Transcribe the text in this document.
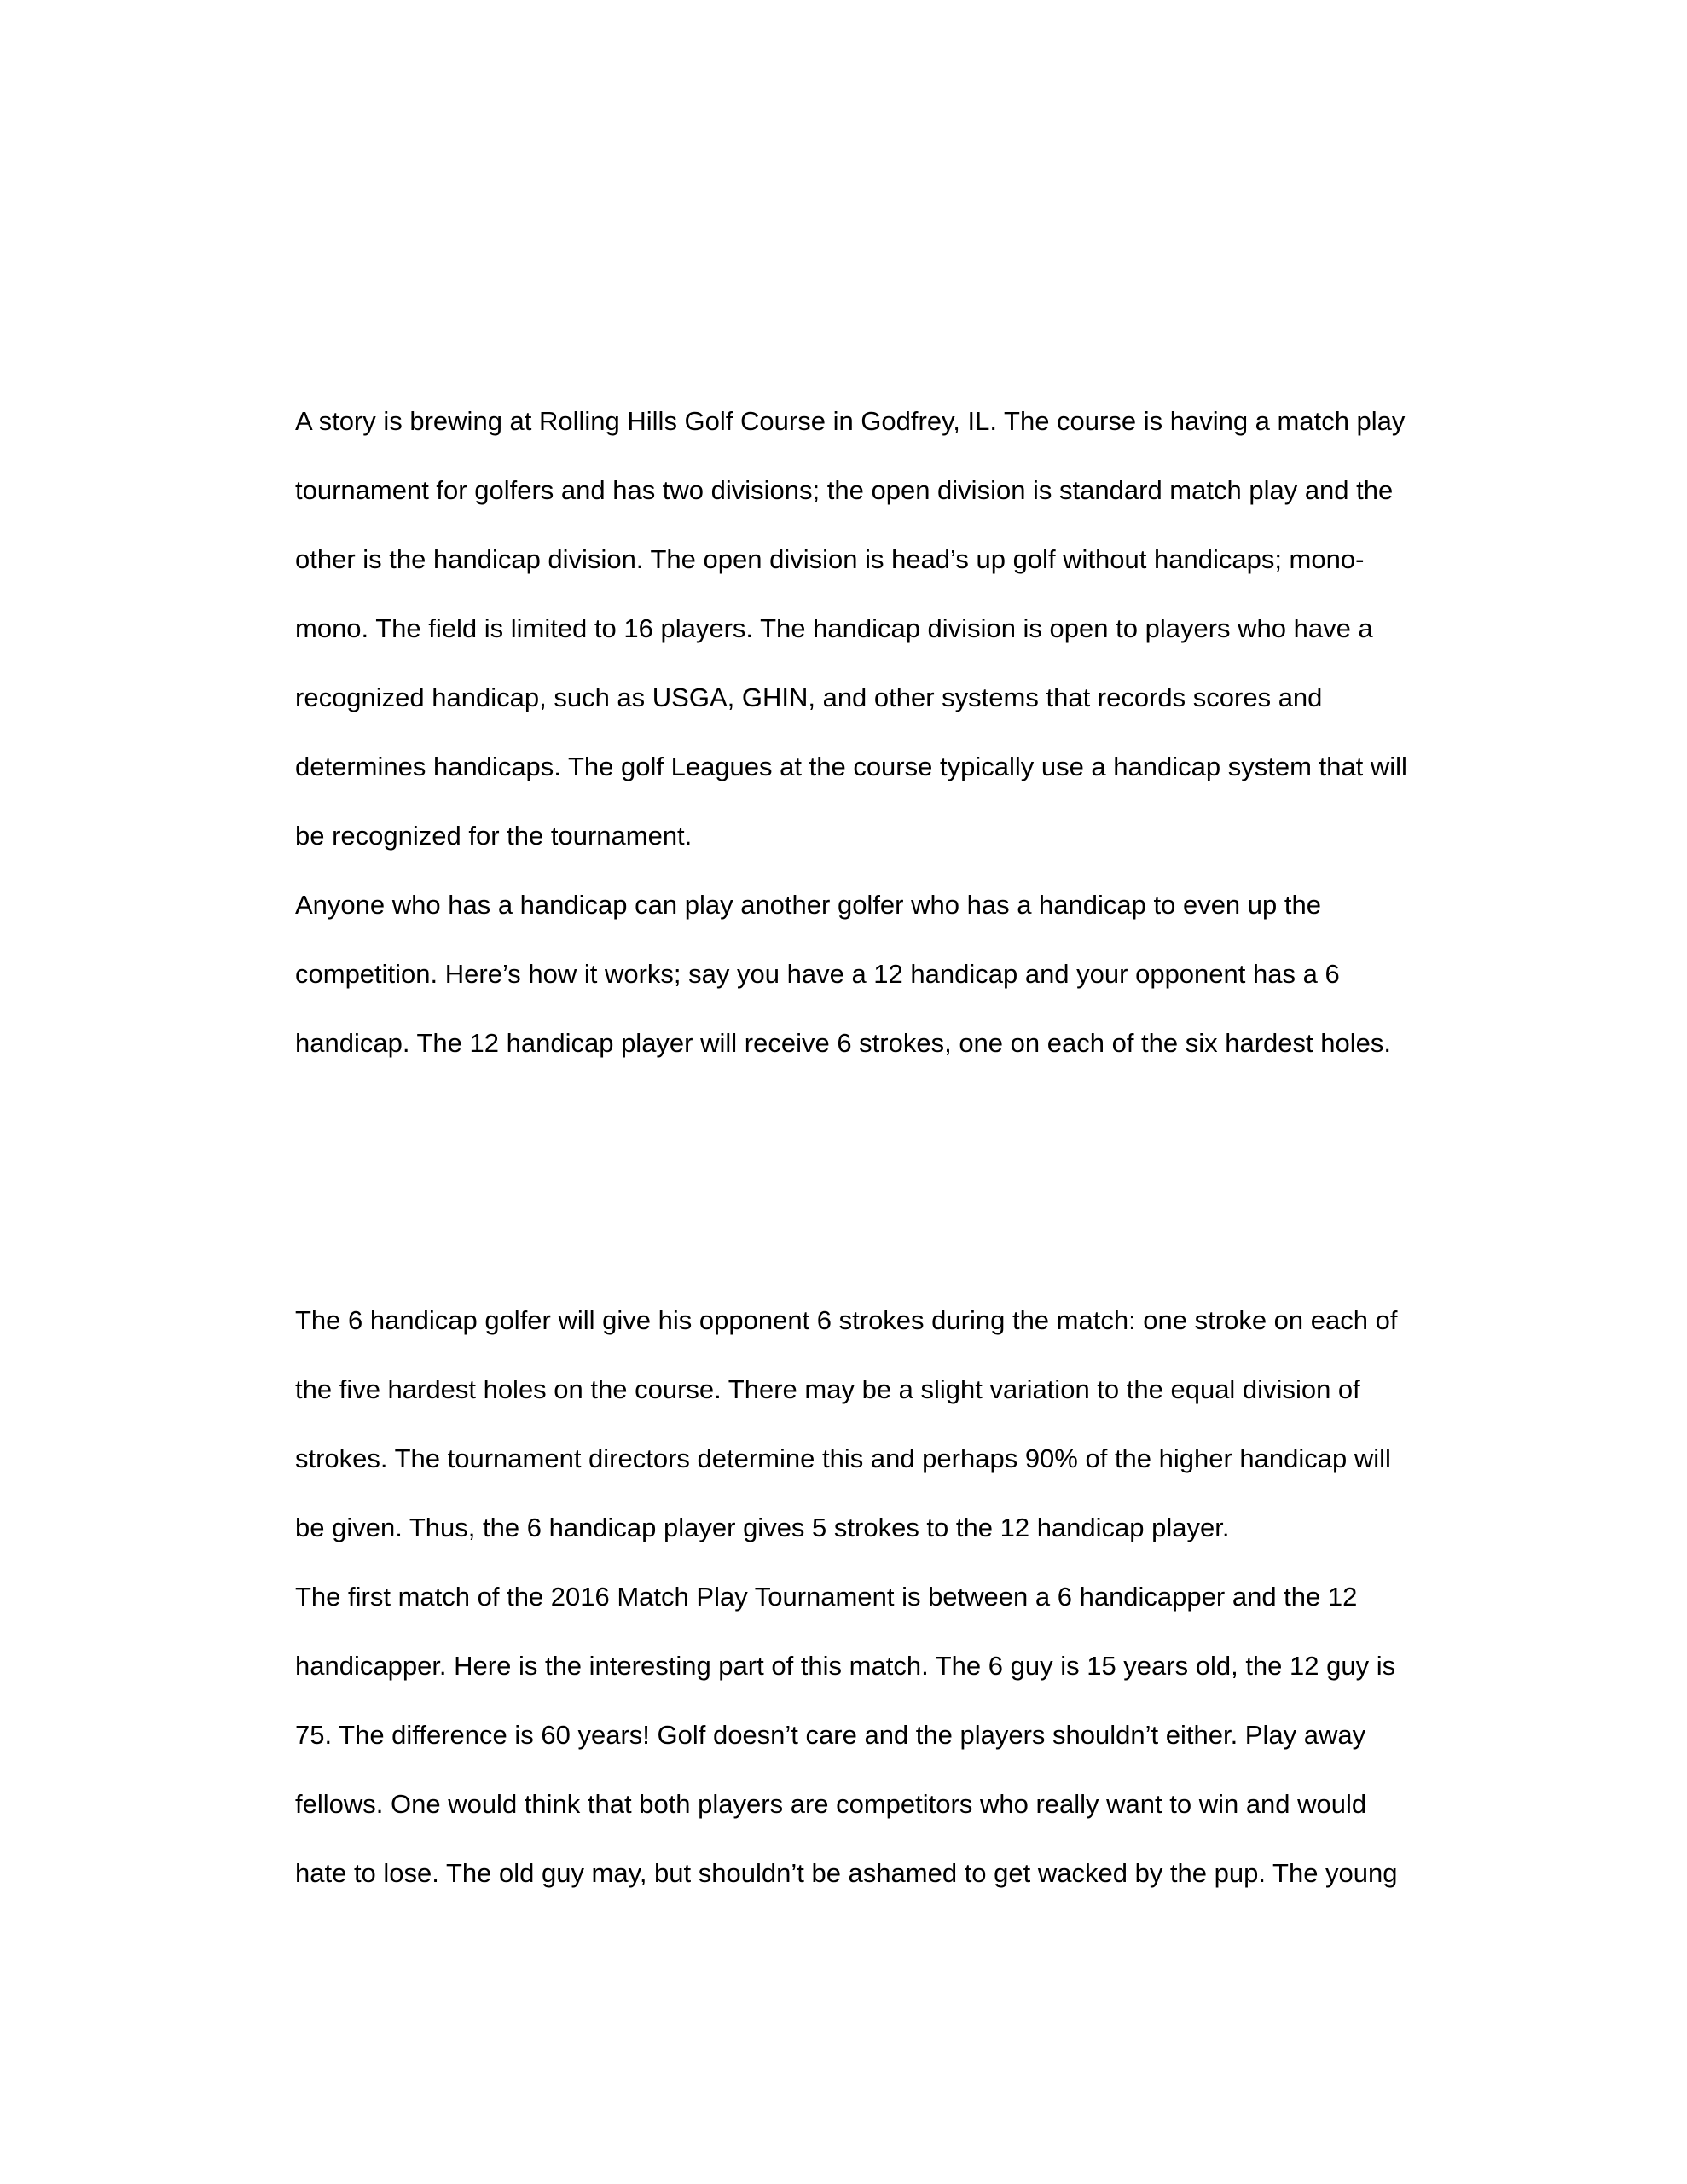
A story is brewing at Rolling Hills Golf Course in Godfrey, IL. The course is having a match play
tournament for golfers and has two divisions; the open division is standard match play and the
other is the handicap division. The open division is head’s up golf without handicaps; mono-
mono. The field is limited to 16 players. The handicap division is open to players who have a
recognized handicap, such as USGA, GHIN, and other systems that records scores and
determines handicaps. The golf Leagues at the course typically use a handicap system that will
be recognized for the tournament.
Anyone who has a handicap can play another golfer who has a handicap to even up the
competition. Here’s how it works; say you have a 12 handicap and your opponent has a 6
handicap. The 12 handicap player will receive 6 strokes, one on each of the six hardest holes.
The 6 handicap golfer will give his opponent 6 strokes during the match: one stroke on each of
the five hardest holes on the course. There may be a slight variation to the equal division of
strokes. The tournament directors determine this and perhaps 90% of the higher handicap will
be given. Thus, the 6 handicap player gives 5 strokes to the 12 handicap player.
The first match of the 2016 Match Play Tournament is between a 6 handicapper and the 12
handicapper. Here is the interesting part of this match. The 6 guy is 15 years old, the 12 guy is
75. The difference is 60 years! Golf doesn’t care and the players shouldn’t either. Play away
fellows. One would think that both players are competitors who really want to win and would
hate to lose. The old guy may, but shouldn’t be ashamed to get wacked by the pup. The young
